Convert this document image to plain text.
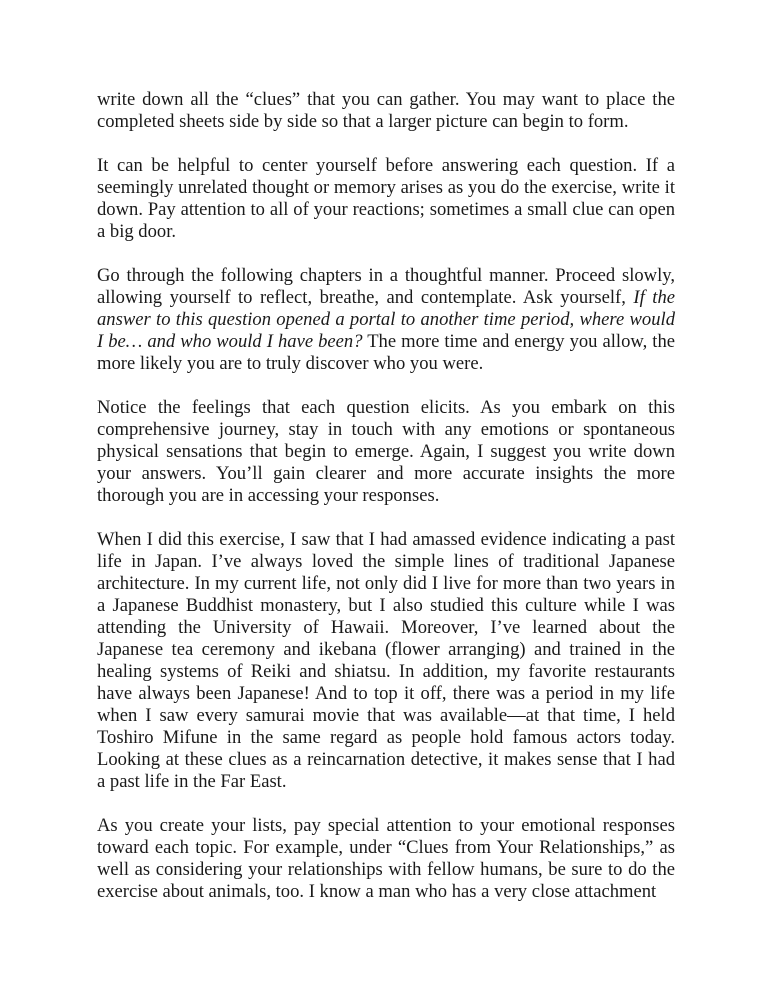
write down all the “clues” that you can gather. You may want to place the completed sheets side by side so that a larger picture can begin to form.

It can be helpful to center yourself before answering each question. If a seemingly unrelated thought or memory arises as you do the exercise, write it down. Pay attention to all of your reactions; sometimes a small clue can open a big door.

Go through the following chapters in a thoughtful manner. Proceed slowly, allowing yourself to reflect, breathe, and contemplate. Ask yourself, If the answer to this question opened a portal to another time period, where would I be… and who would I have been? The more time and energy you allow, the more likely you are to truly discover who you were.

Notice the feelings that each question elicits. As you embark on this comprehensive journey, stay in touch with any emotions or spontaneous physical sensations that begin to emerge. Again, I suggest you write down your answers. You’ll gain clearer and more accurate insights the more thorough you are in accessing your responses.

When I did this exercise, I saw that I had amassed evidence indicating a past life in Japan. I’ve always loved the simple lines of traditional Japanese architecture. In my current life, not only did I live for more than two years in a Japanese Buddhist monastery, but I also studied this culture while I was attending the University of Hawaii. Moreover, I’ve learned about the Japanese tea ceremony and ikebana (flower arranging) and trained in the healing systems of Reiki and shiatsu. In addition, my favorite restaurants have always been Japanese! And to top it off, there was a period in my life when I saw every samurai movie that was available—at that time, I held Toshiro Mifune in the same regard as people hold famous actors today. Looking at these clues as a reincarnation detective, it makes sense that I had a past life in the Far East.

As you create your lists, pay special attention to your emotional responses toward each topic. For example, under “Clues from Your Relationships,” as well as considering your relationships with fellow humans, be sure to do the exercise about animals, too. I know a man who has a very close attachment
